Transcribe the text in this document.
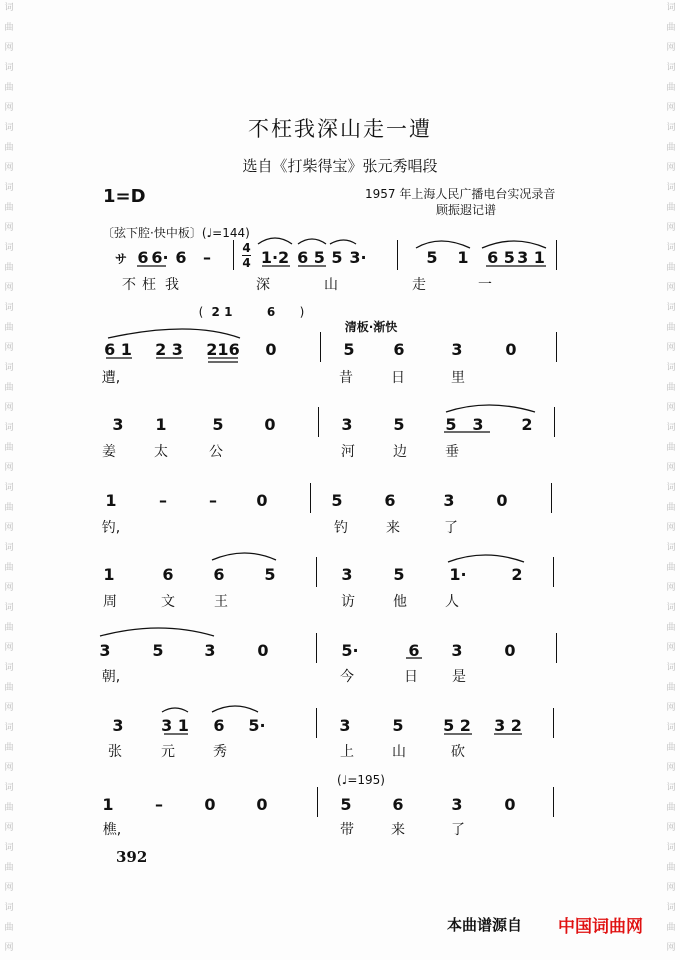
词
曲
网
词
曲
网
词
曲
网
词
曲
网
词
曲
网
词
曲
网
词
曲
网
词
曲
网
词
曲
网
词
曲
网
词
曲
网
词
曲
网
词
曲
网
词
曲
网
词
曲
网
词
曲
网
词
曲
网
词
曲
网
词
曲
网
词
曲
网
词
曲
网
词
曲
网
词
曲
网
词
曲
网
词
曲
网
词
曲
网
词
曲
网
词
曲
网
词
曲
网
词
曲
网
词
曲
网
词
曲
网
不枉我深山走一遭
选自《打柴得宝》张元秀唱段
1=D	1957 年上海人民广播电台实况录音
顾振遐记谱
〔弦下腔·快中板〕(♩=144)
4
4
サ 6 6· 6 –	1·2 6 5 5 3·	5 1 6 5 3 1
不 枉 我	深	山	走	一
( 2 1	6 )
清板·渐快
6 1 2 3 216 0	5 6	3	0
遭,	昔	日	里
3 1	5	0	3	5	5 3 2
姜	太	公	河	边	垂
1	–	– 0	5	6	3	0
钓,	钓	来	了
1	6 6 5	3	5	1·	2
周	文	王	访	他	人
3	5	3	0	5·	6 3	0
朝,	今	日 是
3 3 1 6 5·	3	5 5 2 3 2
张	元	秀	上	山	砍
(♩=195)
1	–	0	0	5	6	3	0
樵,	带	来	了
392
本曲谱源自 中国词曲网
